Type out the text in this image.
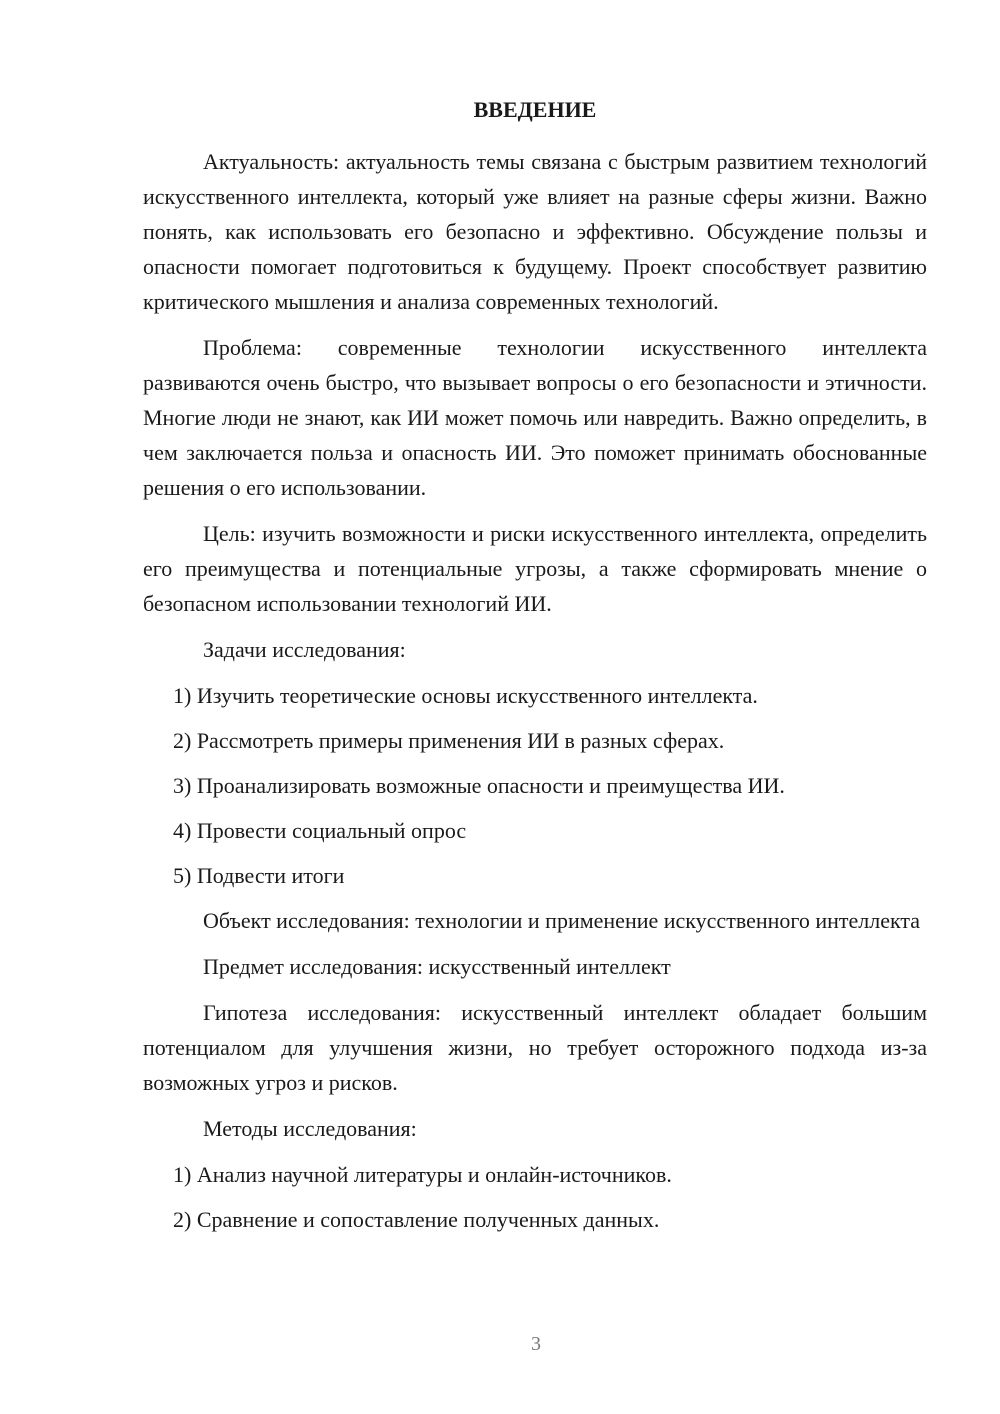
ВВЕДЕНИЕ

Актуальность: актуальность темы связана с быстрым развитием технологий искусственного интеллекта, который уже влияет на разные сферы жизни. Важно понять, как использовать его безопасно и эффективно. Обсуждение пользы и опасности помогает подготовиться к будущему. Проект способствует развитию критического мышления и анализа современных технологий.

Проблема: современные технологии искусственного интеллекта развиваются очень быстро, что вызывает вопросы о его безопасности и этичности. Многие люди не знают, как ИИ может помочь или навредить. Важно определить, в чем заключается польза и опасность ИИ. Это поможет принимать обоснованные решения о его использовании.

Цель: изучить возможности и риски искусственного интеллекта, определить его преимущества и потенциальные угрозы, а также сформировать мнение о безопасном использовании технологий ИИ.

Задачи исследования:

1) Изучить теоретические основы искусственного интеллекта.
2) Рассмотреть примеры применения ИИ в разных сферах.
3) Проанализировать возможные опасности и преимущества ИИ.
4) Провести социальный опрос
5) Подвести итоги

Объект исследования: технологии и применение искусственного интеллекта

Предмет исследования: искусственный интеллект

Гипотеза исследования: искусственный интеллект обладает большим потенциалом для улучшения жизни, но требует осторожного подхода из-за возможных угроз и рисков.

Методы исследования:

1) Анализ научной литературы и онлайн-источников.
2) Сравнение и сопоставление полученных данных.
3
